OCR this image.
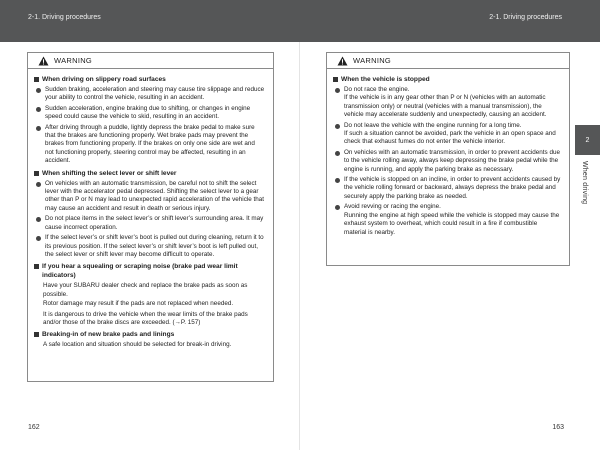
2-1. Driving procedures	2-1. Driving procedures
WARNING
When driving on slippery road surfaces
Sudden braking, acceleration and steering may cause tire slippage and reduce your ability to control the vehicle, resulting in an accident.
Sudden acceleration, engine braking due to shifting, or changes in engine speed could cause the vehicle to skid, resulting in an accident.
After driving through a puddle, lightly depress the brake pedal to make sure that the brakes are functioning properly. Wet brake pads may prevent the brakes from functioning properly. If the brakes on only one side are wet and not functioning properly, steering control may be affected, resulting in an accident.
When shifting the select lever or shift lever
On vehicles with an automatic transmission, be careful not to shift the select lever with the accelerator pedal depressed. Shifting the select lever to a gear other than P or N may lead to unexpected rapid acceleration of the vehicle that may cause an accident and result in death or serious injury.
Do not place items in the select lever’s or shift lever’s surrounding area. It may cause incorrect operation.
If the select lever’s or shift lever’s boot is pulled out during cleaning, return it to its previous position. If the select lever’s or shift lever’s boot is left pulled out, the select lever or shift lever may become difficult to operate.
If you hear a squealing or scraping noise (brake pad wear limit indicators)
Have your SUBARU dealer check and replace the brake pads as soon as possible.
Rotor damage may result if the pads are not replaced when needed.
It is dangerous to drive the vehicle when the wear limits of the brake pads and/or those of the brake discs are exceeded. (→P. 157)
Breaking-in of new brake pads and linings
A safe location and situation should be selected for break-in driving.
WARNING
When the vehicle is stopped
Do not race the engine.
If the vehicle is in any gear other than P or N (vehicles with an automatic transmission only) or neutral (vehicles with a manual transmission), the vehicle may accelerate suddenly and unexpectedly, causing an accident.
Do not leave the vehicle with the engine running for a long time.
If such a situation cannot be avoided, park the vehicle in an open space and check that exhaust fumes do not enter the vehicle interior.
On vehicles with an automatic transmission, in order to prevent accidents due to the vehicle rolling away, always keep depressing the brake pedal while the engine is running, and apply the parking brake as necessary.
If the vehicle is stopped on an incline, in order to prevent accidents caused by the vehicle rolling forward or backward, always depress the brake pedal and securely apply the parking brake as needed.
Avoid revving or racing the engine.
Running the engine at high speed while the vehicle is stopped may cause the exhaust system to overheat, which could result in a fire if combustible material is nearby.
2
When driving
162	163
